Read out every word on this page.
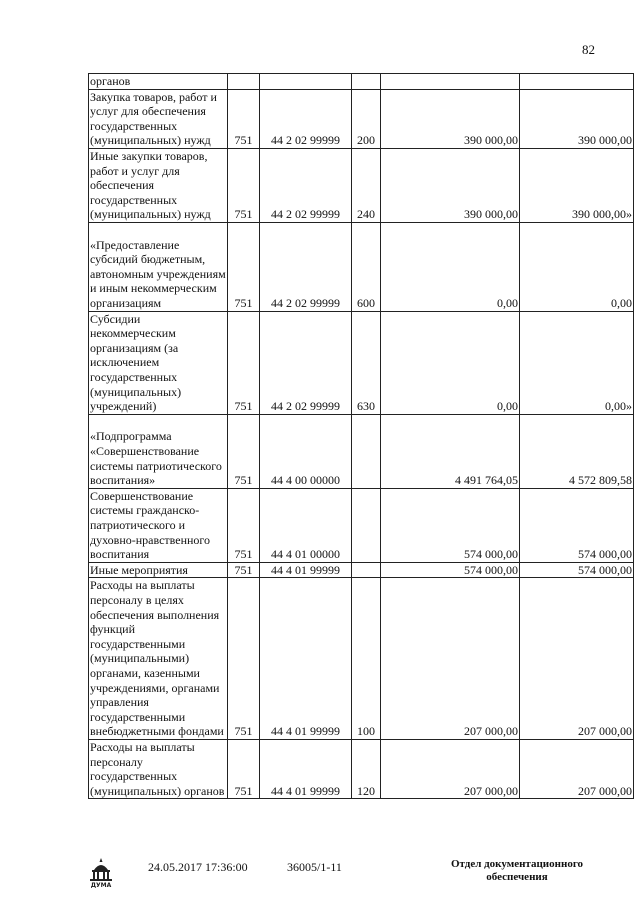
82
органов					
Закупка товаров, работ и услуг для обеспечения государственных (муниципальных) нужд	751	44 2 02 99999	200	390 000,00	390 000,00
Иные закупки товаров, работ и услуг для обеспечения государственных (муниципальных) нужд	751	44 2 02 99999	240	390 000,00	390 000,00»
«Предоставление субсидий бюджетным, автономным учреждениям и иным некоммерческим организациям	751	44 2 02 99999	600	0,00	0,00
Субсидии некоммерческим организациям (за исключением государственных (муниципальных) учреждений)	751	44 2 02 99999	630	0,00	0,00»
«Подпрограмма «Совершенствование системы патриотического воспитания»	751	44 4 00 00000		4 491 764,05	4 572 809,58
Совершенствование системы гражданско-патриотического и духовно-нравственного воспитания	751	44 4 01 00000		574 000,00	574 000,00
Иные мероприятия	751	44 4 01 99999		574 000,00	574 000,00
Расходы на выплаты персоналу в целях обеспечения выполнения функций государственными (муниципальными) органами, казенными учреждениями, органами управления государственными внебюджетными фондами	751	44 4 01 99999	100	207 000,00	207 000,00
Расходы на выплаты персоналу государственных (муниципальных) органов	751	44 4 01 99999	120	207 000,00	207 000,00
ДУМА
24.05.2017 17:36:00	36005/1-11	Отдел документационного
обеспечения
